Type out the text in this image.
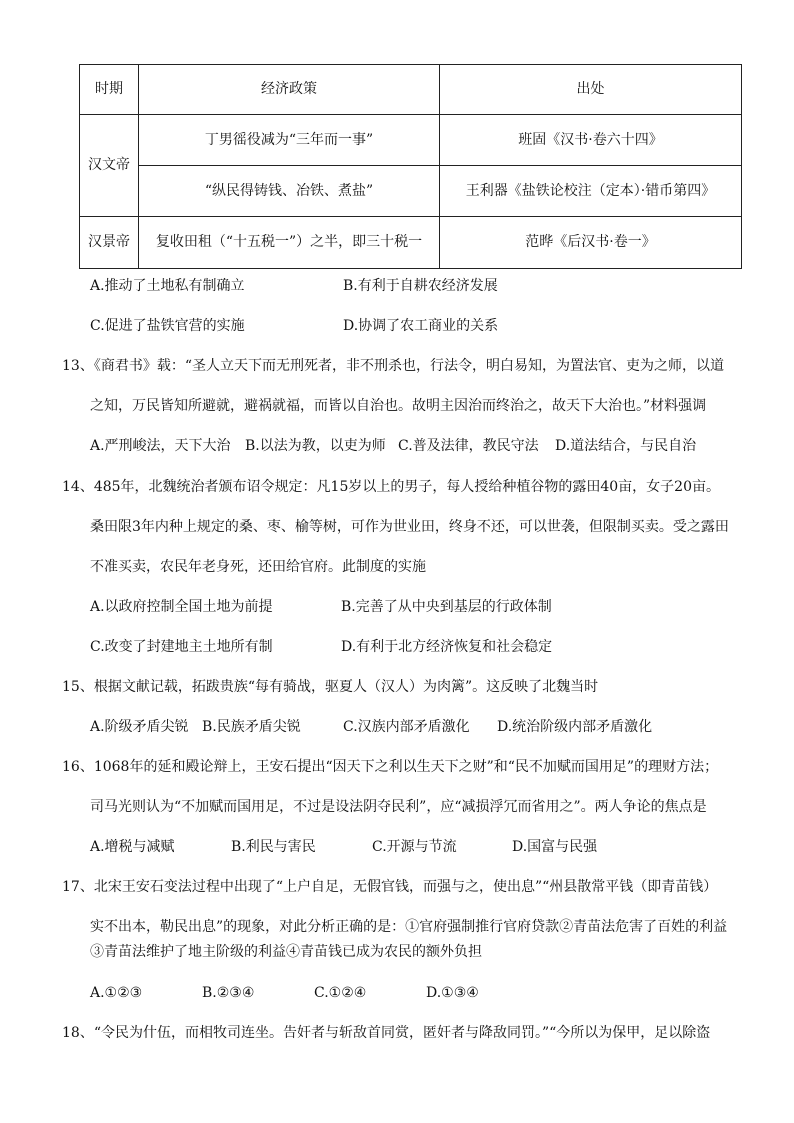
时期	经济政策	出处
汉文帝	丁男徭役减为“三年而一事”	班固《汉书·卷六十四》
	“纵民得铸钱、冶铁、煮盐”	王利器《盐铁论校注（定本）·错币第四》
汉景帝	复收田租（“十五税一”）之半，即三十税一	范晔《后汉书·卷一》
A.推动了土地私有制确立	B.有利于自耕农经济发展
C.促进了盐铁官营的实施	D.协调了农工商业的关系
13、《商君书》载：“圣人立天下而无刑死者，非不刑杀也，行法令，明白易知，为置法官、吏为之师，以道
之知，万民皆知所避就，避祸就福，而皆以自治也。故明主因治而终治之，故天下大治也。”材料强调
A.严刑峻法，天下大治 B.以法为教，以吏为师 C.普及法律，教民守法 D.道法结合，与民自治
14、485年，北魏统治者颁布诏令规定：凡15岁以上的男子，每人授给种植谷物的露田40亩，女子20亩。
桑田限3年内种上规定的桑、枣、榆等树，可作为世业田，终身不还，可以世袭，但限制买卖。受之露田
不准买卖，农民年老身死，还田给官府。此制度的实施
A.以政府控制全国土地为前提	B.完善了从中央到基层的行政体制
C.改变了封建地主土地所有制	D.有利于北方经济恢复和社会稳定
15、根据文献记载，拓跋贵族“每有骑战，驱夏人（汉人）为肉篱”。这反映了北魏当时
A.阶级矛盾尖锐 B.民族矛盾尖锐	C.汉族内部矛盾激化 D.统治阶级内部矛盾激化
16、1068年的延和殿论辩上，王安石提出“因天下之利以生天下之财”和“民不加赋而国用足”的理财方法；
司马光则认为“不加赋而国用足，不过是设法阴夺民利”，应“减损浮冗而省用之”。两人争论的焦点是
A.增税与减赋	B.利民与害民	C.开源与节流	D.国富与民强
17、北宋王安石变法过程中出现了“上户自足，无假官钱，而强与之，使出息”“州县散常平钱（即青苗钱）
实不出本，勒民出息”的现象，对此分析正确的是：①官府强制推行官府贷款②青苗法危害了百姓的利益
③青苗法维护了地主阶级的利益④青苗钱已成为农民的额外负担
A.①②③	B.②③④	C.①②④	D.①③④
18、“令民为什伍，而相牧司连坐。告奸者与斩敌首同赏，匿奸者与降敌同罚。”“今所以为保甲，足以除盗
